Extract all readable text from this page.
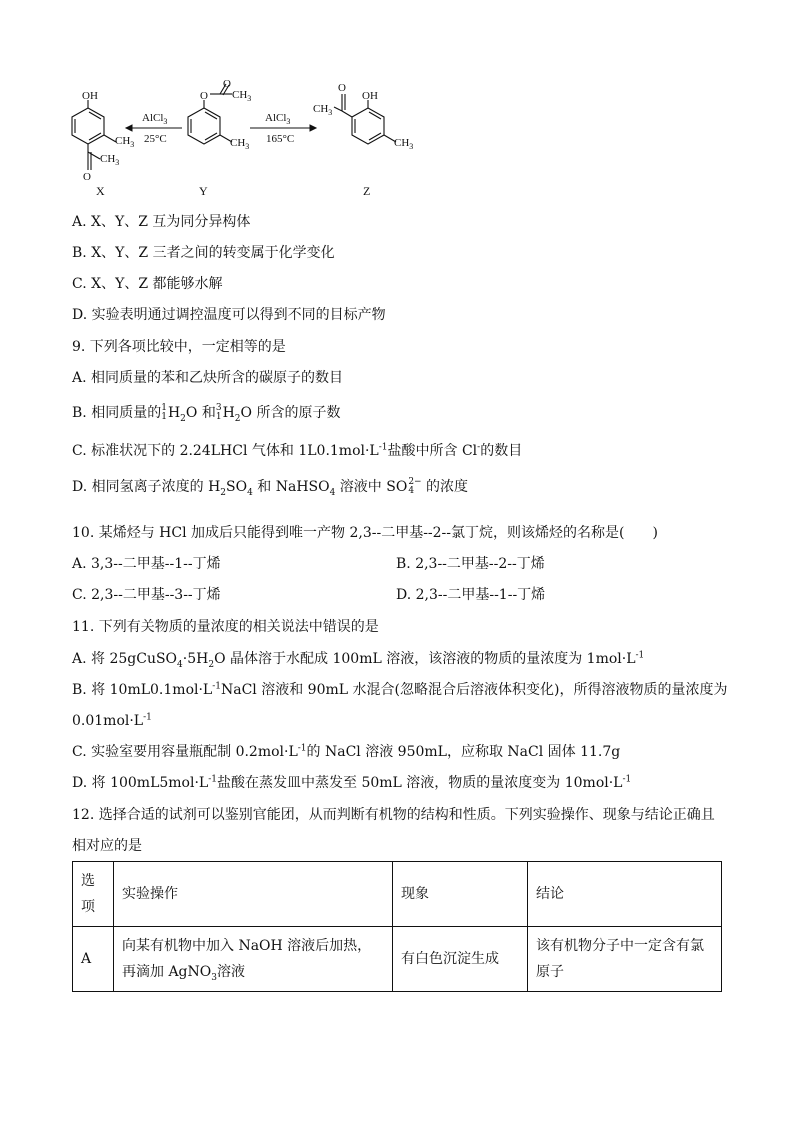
OH
$CH_3$
$CH_3$
O
X
AlCl$_3$
25°C
O
O
$CH_3$
$CH_3$
Y
AlCl$_3$
165°C
$CH_3$
OH
O
$CH_3$
Z
A. X、Y、Z 互为同分异构体
B. X、Y、Z 三者之间的转变属于化学变化
C. X、Y、Z 都能够水解
D. 实验表明通过调控温度可以得到不同的目标产物
9. 下列各项比较中，一定相等的是
A. 相同质量的苯和乙炔所含的碳原子的数目
B. 相同质量的 1
1 $H_2O$ 和 3
1 $H_2O$ 所含的原子数
C. 标准状况下的 2.24LHCl 气体和 $1L0.1mol\cdot L^{-1}$盐酸中所含 Cl-的数目
D. 相同氢离子浓度的 $H_2SO_4$ 和 NaHSO$_4$ 溶液中 SO 2−
4 的浓度
10. 某烯烃与 HCl 加成后只能得到唯一产物 2,3--二甲基--2--氯丁烷，则该烯烃的名称是(　　)
A. 3,3--二甲基--1--丁烯	B. 2,3--二甲基--2--丁烯
C. 2,3--二甲基--3--丁烯	D. 2,3--二甲基--1--丁烯
11. 下列有关物质的量浓度的相关说法中错误的是
A. 将 $25gCuSO_4\cdot 5H_2O$ 晶体溶于水配成 100mL 溶液，该溶液的物质的量浓度为 $1mol\cdot L^{-1}$
B. 将 $10mL0.1mol\cdot L^{-1}NaCl$ 溶液和 90mL 水混合(忽略混合后溶液体积变化)，所得溶液物质的量浓度为
$0.01mol\cdot L^{-1}$
C. 实验室要用容量瓶配制 $0.2mol\cdot L^{-1}$的 NaCl 溶液 950mL，应称取 NaCl 固体 11.7g
D. 将 $100mL5mol\cdot L^{-1}$盐酸在蒸发皿中蒸发至 50mL 溶液，物质的量浓度变为 $10mol\cdot L^{-1}$
12. 选择合适的试剂可以鉴别官能团，从而判断有机物的结构和性质。下列实验操作、现象与结论正确且
相对应的是
选项	实验操作	现象	结论
A	向某有机物中加入 NaOH 溶液后加热，再滴加 AgNO$_3$溶液	有白色沉淀生成	该有机物分子中一定含有氯原子
